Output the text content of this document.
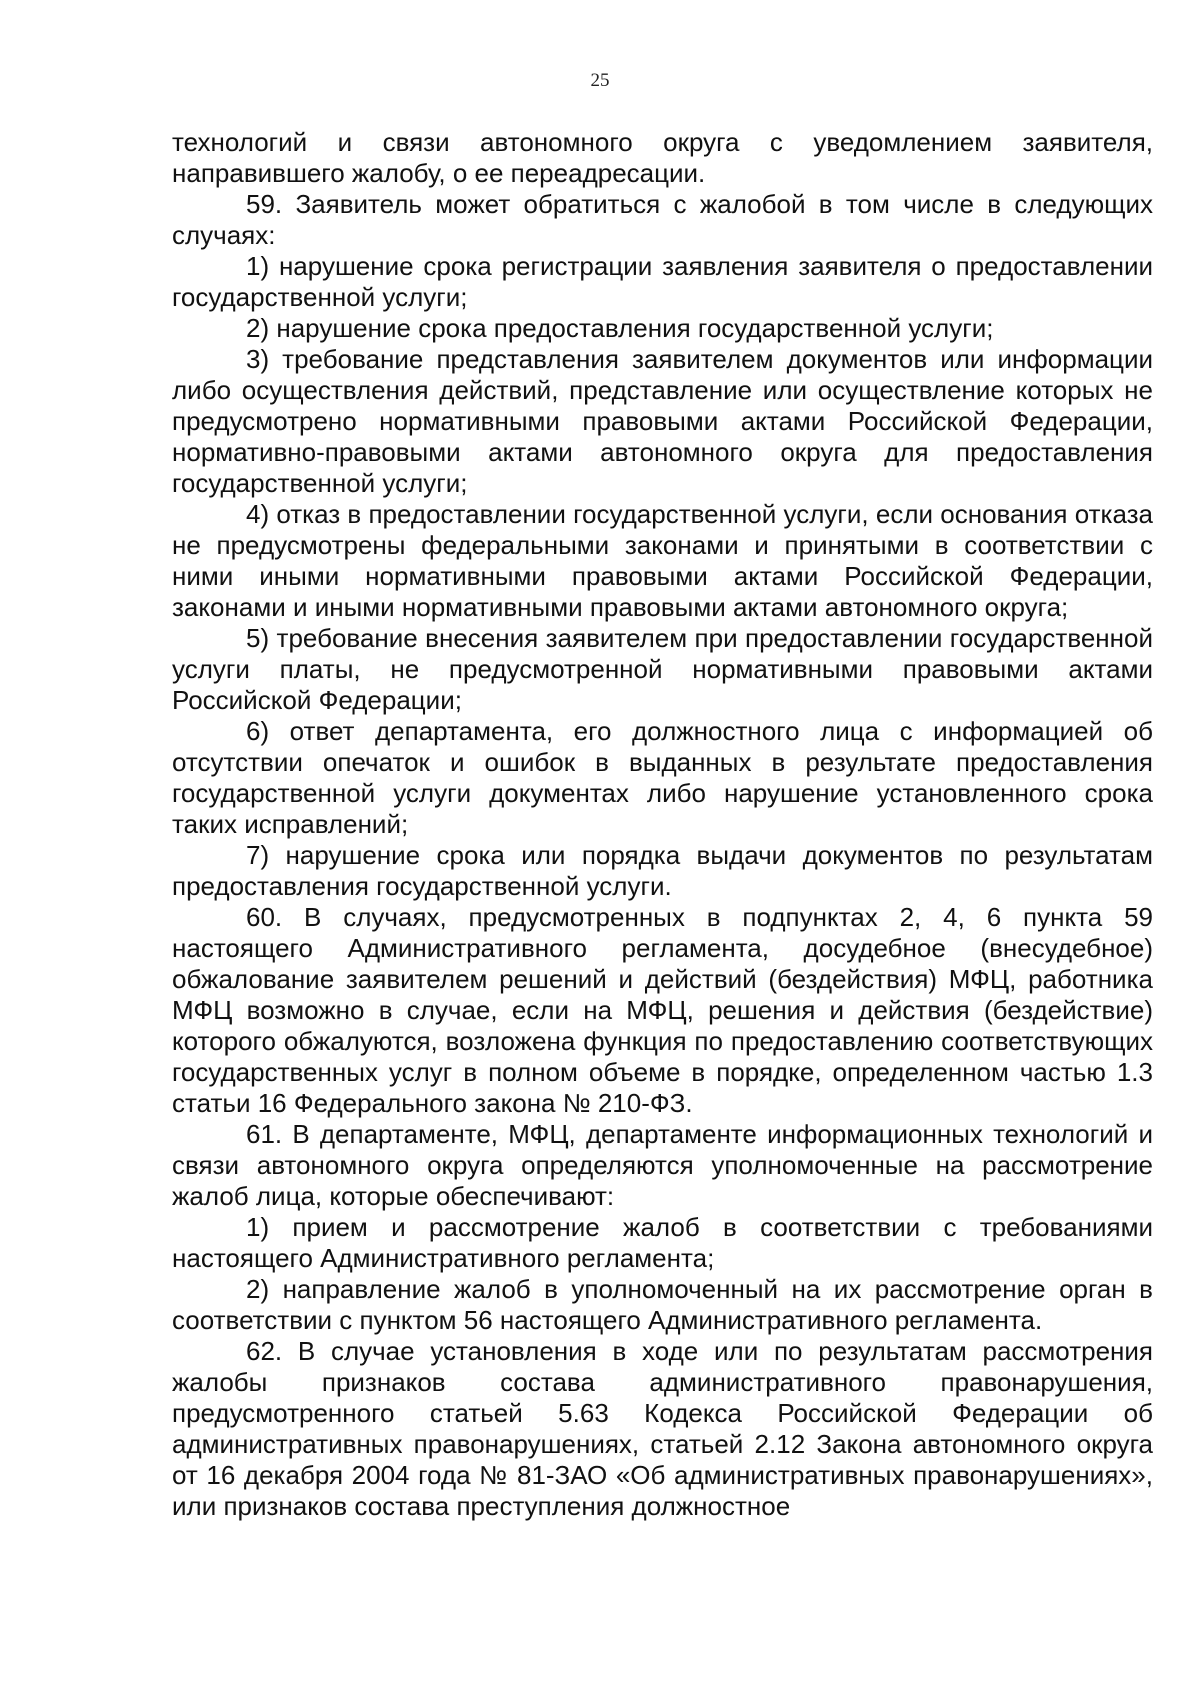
25

технологий и связи автономного округа с уведомлением заявителя, направившего жалобу, о ее переадресации.

59. Заявитель может обратиться с жалобой в том числе в следующих случаях:

1) нарушение срока регистрации заявления заявителя о предоставлении государственной услуги;

2) нарушение срока предоставления государственной услуги;

3) требование представления заявителем документов или информации либо осуществления действий, представление или осуществление которых не предусмотрено нормативными правовыми актами Российской Федерации, нормативно-правовыми актами автономного округа для предоставления государственной услуги;

4) отказ в предоставлении государственной услуги, если основания отказа не предусмотрены федеральными законами и принятыми в соответствии с ними иными нормативными правовыми актами Российской Федерации, законами и иными нормативными правовыми актами автономного округа;

5) требование внесения заявителем при предоставлении государственной услуги платы, не предусмотренной нормативными правовыми актами Российской Федерации;

6) ответ департамента, его должностного лица с информацией об отсутствии опечаток и ошибок в выданных в результате предоставления государственной услуги документах либо нарушение установленного срока таких исправлений;

7) нарушение срока или порядка выдачи документов по результатам предоставления государственной услуги.

60. В случаях, предусмотренных в подпунктах 2, 4, 6 пункта 59 настоящего Административного регламента, досудебное (внесудебное) обжалование заявителем решений и действий (бездействия) МФЦ, работника МФЦ возможно в случае, если на МФЦ, решения и действия (бездействие) которого обжалуются, возложена функция по предоставлению соответствующих государственных услуг в полном объеме в порядке, определенном частью 1.3 статьи 16 Федерального закона № 210-ФЗ.

61. В департаменте, МФЦ, департаменте информационных технологий и связи автономного округа определяются уполномоченные на рассмотрение жалоб лица, которые обеспечивают:

1) прием и рассмотрение жалоб в соответствии с требованиями настоящего Административного регламента;

2) направление жалоб в уполномоченный на их рассмотрение орган в соответствии с пунктом 56 настоящего Административного регламента.

62. В случае установления в ходе или по результатам рассмотрения жалобы признаков состава административного правонарушения, предусмотренного статьей 5.63 Кодекса Российской Федерации об административных правонарушениях, статьей 2.12 Закона автономного округа от 16 декабря 2004 года № 81-ЗАО «Об административных правонарушениях», или признаков состава преступления должностное
